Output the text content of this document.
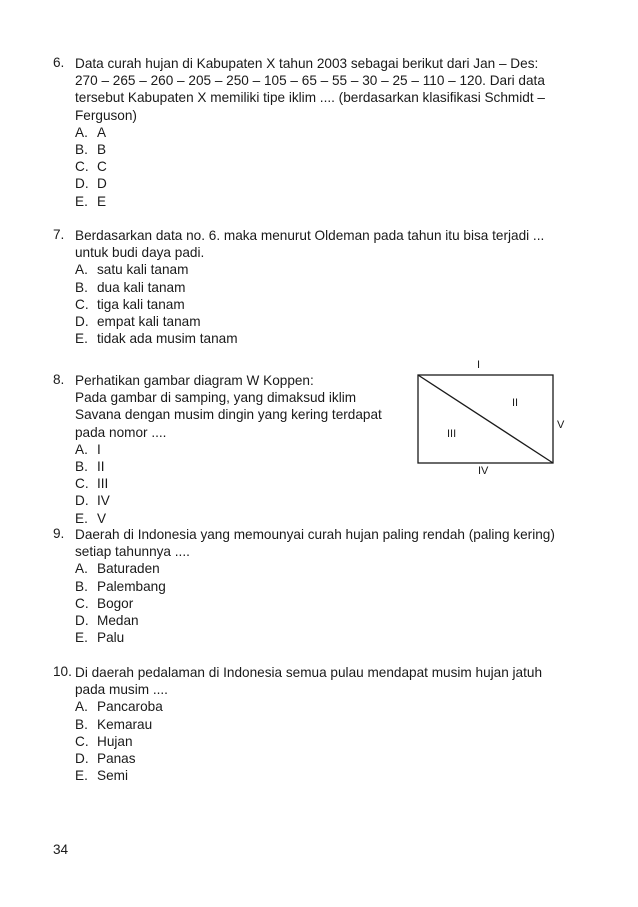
6. Data curah hujan di Kabupaten X tahun 2003 sebagai berikut dari Jan – Des:
270 – 265 – 260 – 205 – 250 – 105 – 65 – 55 – 30 – 25 – 110 – 120. Dari data
tersebut Kabupaten X memiliki tipe iklim .... (berdasarkan klasifikasi Schmidt –
Ferguson)
A. A
B. B
C. C
D. D
E. E
7. Berdasarkan data no. 6. maka menurut Oldeman pada tahun itu bisa terjadi ...
untuk budi daya padi.
A. satu kali tanam
B. dua kali tanam
C. tiga kali tanam
D. empat kali tanam
E. tidak ada musim tanam
8. Perhatikan gambar diagram W Koppen:
Pada gambar di samping, yang dimaksud iklim
Savana dengan musim dingin yang kering terdapat
pada nomor ....
A. I
B. II
C. III
D. IV
E. V
I
II
III
IV
V
9. Daerah di Indonesia yang memounyai curah hujan paling rendah (paling kering)
setiap tahunnya ....
A. Baturaden
B. Palembang
C. Bogor
D. Medan
E. Palu
10. Di daerah pedalaman di Indonesia semua pulau mendapat musim hujan jatuh
pada musim ....
A. Pancaroba
B. Kemarau
C. Hujan
D. Panas
E. Semi
34
